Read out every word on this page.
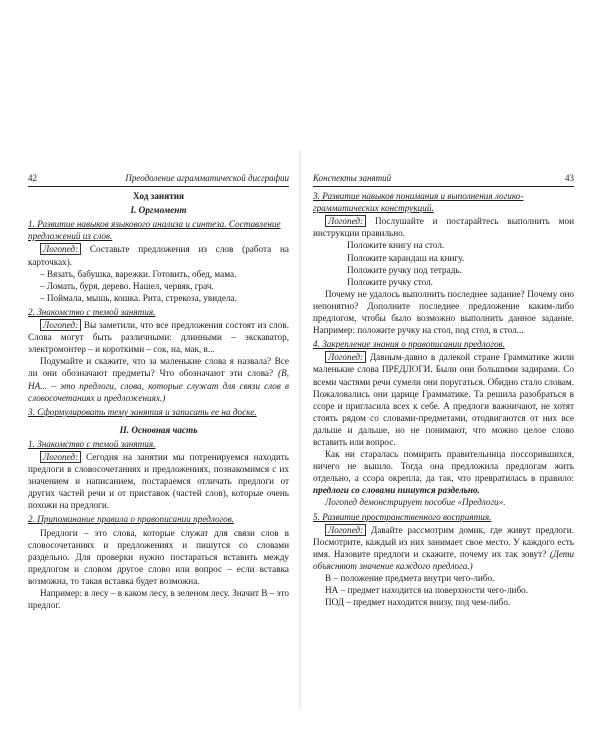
42	Преодоление аграмматической дисграфии
Ход занятия
I. Оргмомент
1. Развитие навыков языкового анализа и синтеза. Составление предложений из слов.

Логопед: Составьте предложения из слов (работа на карточках).

– Вязать, бабушка, варежки. Готовить, обед, мама.

– Ломать, буря, дерево. Нашел, червяк, грач.

– Поймала, мышь, кошка. Рита, стрекоза, увидела.

2. Знакомство с темой занятия.

Логопед: Вы заметили, что все предложения состоят из слов. Слова могут быть различными: длинными – экскаватор, электромонтер – и короткими – сок, на, мак, в...

Подумайте и скажите, что за маленькие слова я назвала? Все ли они обозначают предметы? Что обозначают эти слова? (В, НА... – это предлоги, слова, которые служат для связи слов в словосочетаниях и предложениях.)

3. Сформулировать тему занятия и записать ее на доске.
II. Основная часть
1. Знакомство с темой занятия.

Логопед: Сегодня на занятии мы потренируемся находить предлоги в словосочетаниях и предложениях, познакомимся с их значением и написанием, постараемся отличать предлоги от других частей речи и от приставок (частей слов), которые очень похожи на предлоги.

2. Припоминание правила о правописании предлогов.

Предлоги – это слова, которые служат для связи слов в словосочетаниях и предложениях и пишутся со словами раздельно. Для проверки нужно постараться вставить между предлогом и словом другое слово или вопрос – если вставка возможна, то такая вставка будет возможна.

Например: в лесу – в каком лесу, в зеленом лесу. Значит В – это предлог.

Конспекты занятий	43
3. Развитие навыков понимания и выполнения логико-грамматических конструкций.

Логопед: Послушайте и постарайтесь выполнить мои инструкции правильно.

Положите книгу на стол.

Положите карандаш на книгу.

Положите ручку под тетрадь.

Положите ручку стол.

Почему не удалось выполнить последнее задание? Почему оно непонятно? Дополните последнее предложение каким-либо предлогом, чтобы было возможно выполнить данное задание. Например: положите ручку на стол, под стол, в стол...

4. Закрепление знания о правописании предлогов.

Логопед: Давным-давно в далекой стране Грамматике жили маленькие слова ПРЕДЛОГИ. Были они большими задирами. Со всеми частями речи сумели они поругаться. Обидно стало словам. Пожаловались они царице Грамматике. Та решила разобраться в ссоре и пригласила всех к себе. А предлоги важничают, не хотят стоять рядом со словами-предметами, отодвигаются от них все дальше и дальше, но не понимают, что можно целое слово вставить или вопрос.

Как ни старалась помирить правительница поссорившихся, ничего не вышло. Тогда она предложила предлогам жить отдельно, а ссора окрепла, да так, что превратилась в правило: предлоги со словами пишутся раздельно.

Логопед демонстрирует пособие «Предлоги».

5. Развитие пространственного восприятия.

Логопед: Давайте рассмотрим домик, где живут предлоги. Посмотрите, каждый из них занимает свое место. У каждого есть имя. Назовите предлоги и скажите, почему их так зовут? (Дети объясняют значение каждого предлога.)

В – положение предмета внутри чего-либо.

НА – предмет находится на поверхности чего-либо.

ПОД – предмет находится внизу, под чем-либо.
